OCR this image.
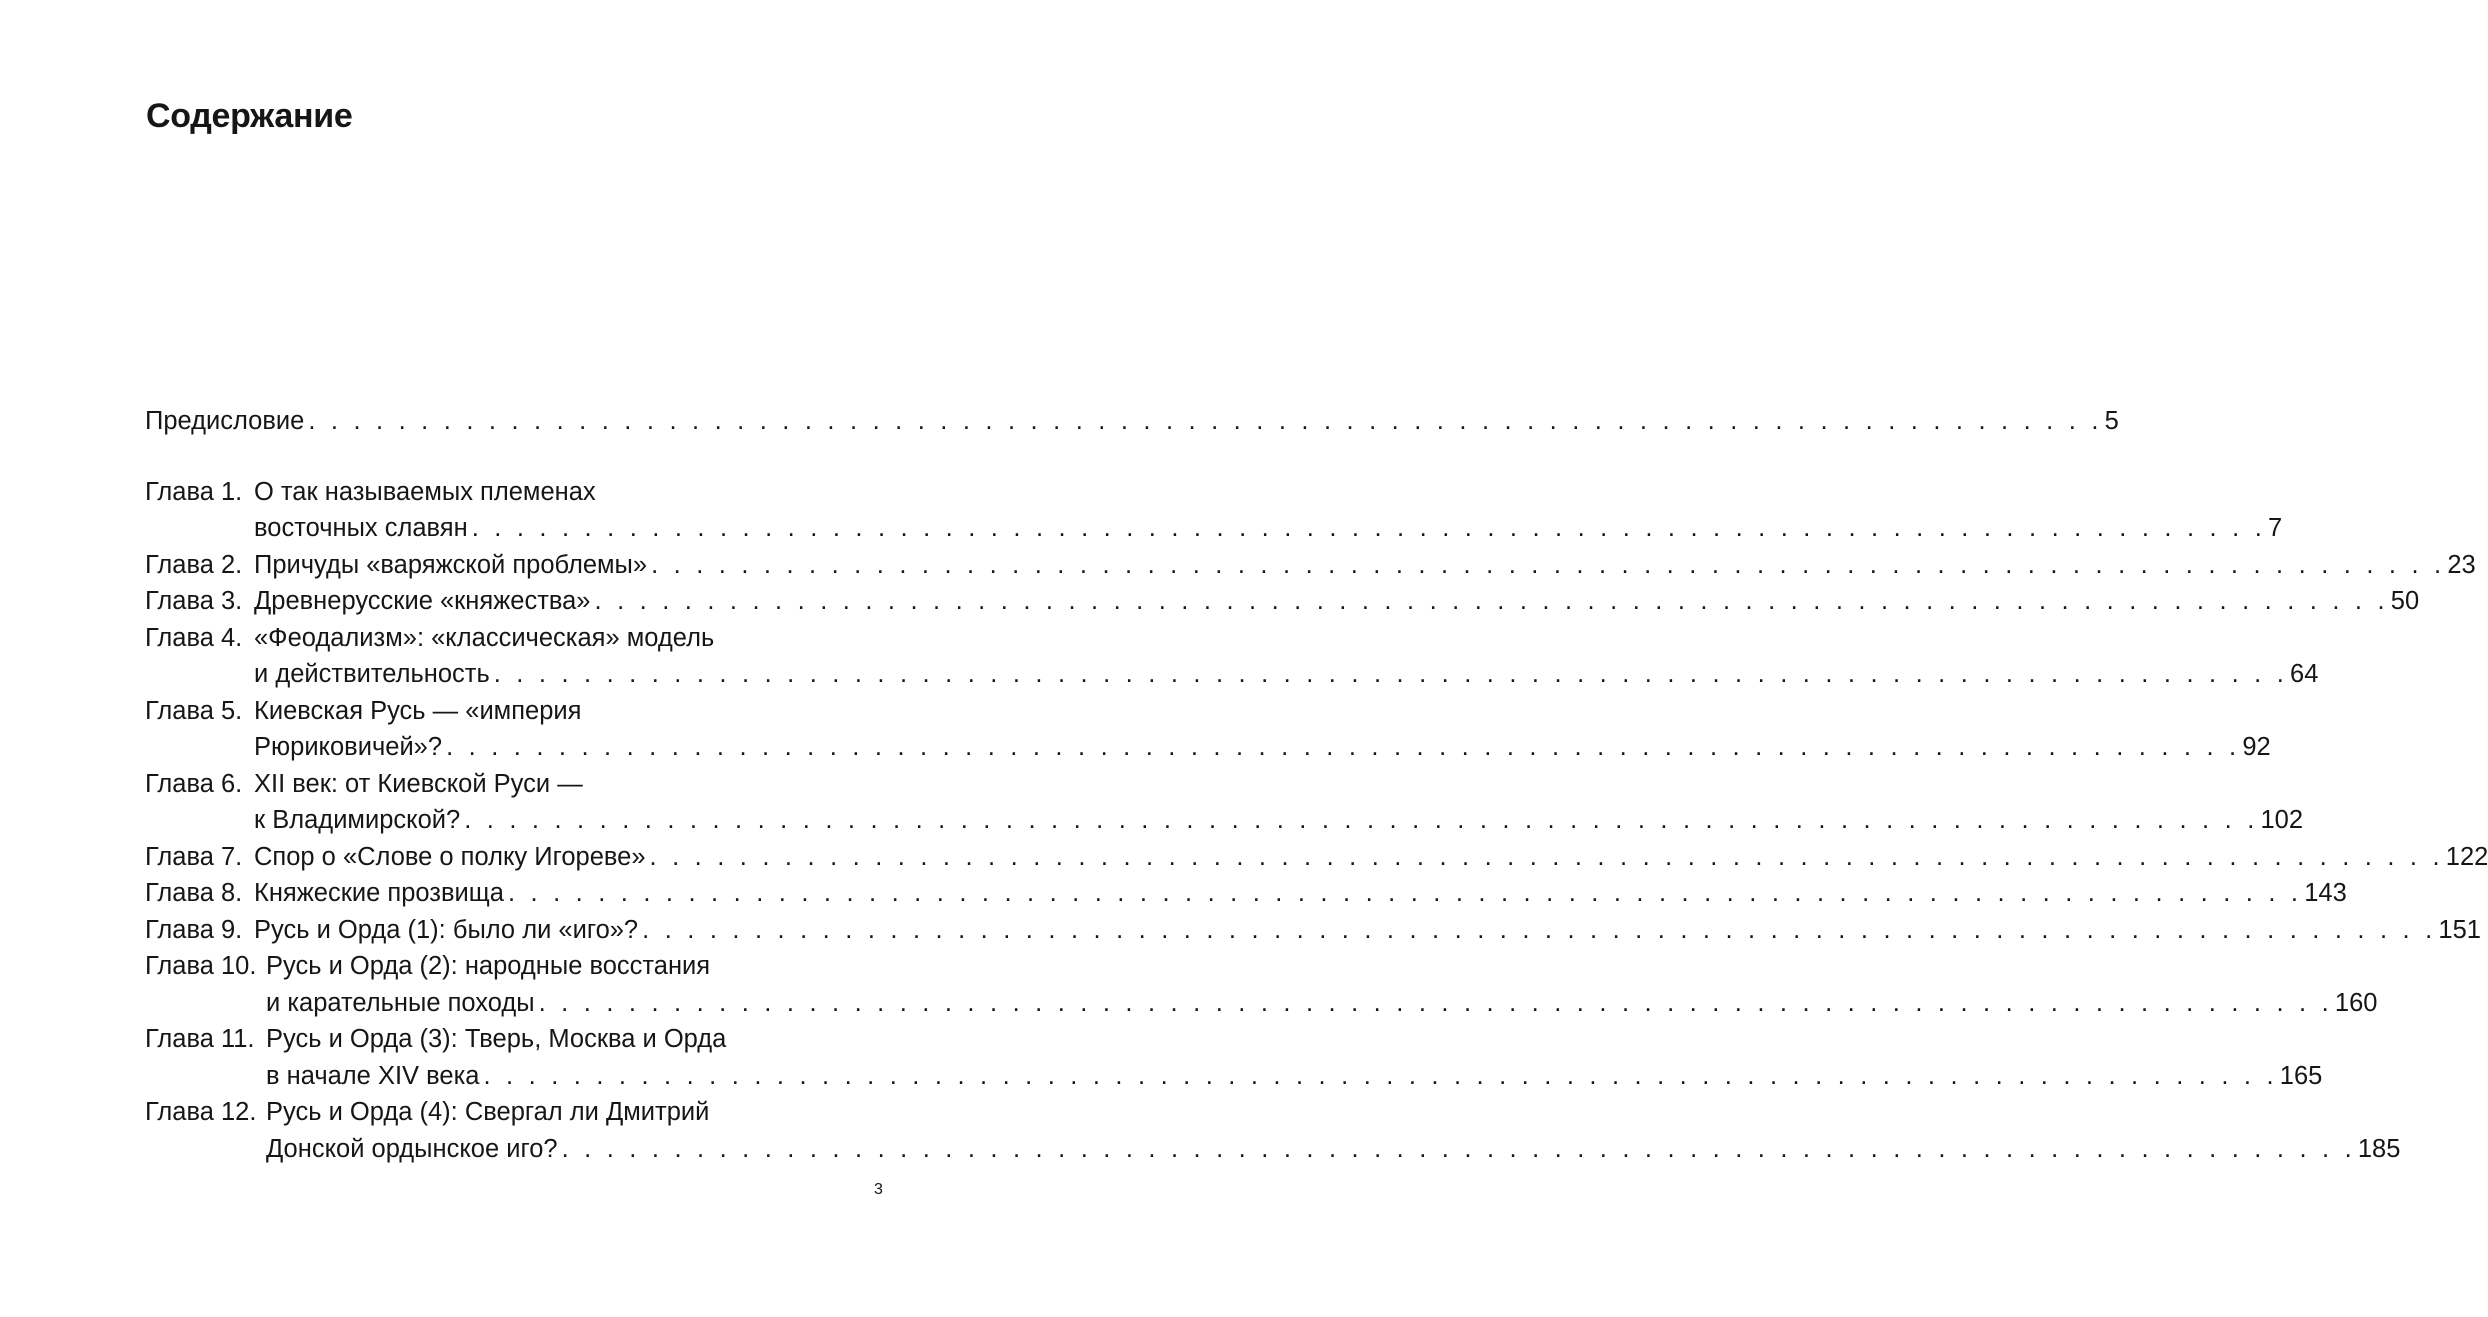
Содержание
Предисловие . . . . . . . . . . . . . . . . . . . . . . . . . . . . . . . . . . . . . . . . . . . . . . . . . . . . . . . . . . . . . . . . . . . . . . . . . . . . . . . . 5
Глава 1. О так называемых племенах
восточных славян . . . . . . . . . . . . . . . . . . . . . . . . . . . . . . . . . . . . . . . . . . . . . . . . . . . . . . . . . . . . . . . . . . . . . . . . . . . . . . . . 7
Глава 2. Причуды «варяжской проблемы» . . . . . . . . . . . . . . . . . . . . . . . . . . . . . . . . . . . . . . . . . . . . . . . . . . . . . . . . . . . . . . . . . . . . . . . . . . . . . . . . 23
Глава 3. Древнерусские «княжества» . . . . . . . . . . . . . . . . . . . . . . . . . . . . . . . . . . . . . . . . . . . . . . . . . . . . . . . . . . . . . . . . . . . . . . . . . . . . . . . . 50
Глава 4. «Феодализм»: «классическая» модель
и действительность . . . . . . . . . . . . . . . . . . . . . . . . . . . . . . . . . . . . . . . . . . . . . . . . . . . . . . . . . . . . . . . . . . . . . . . . . . . . . . . . 64
Глава 5. Киевская Русь — «империя
Рюриковичей»? . . . . . . . . . . . . . . . . . . . . . . . . . . . . . . . . . . . . . . . . . . . . . . . . . . . . . . . . . . . . . . . . . . . . . . . . . . . . . . . . 92
Глава 6. XII век: от Киевской Руси —
к Владимирской? . . . . . . . . . . . . . . . . . . . . . . . . . . . . . . . . . . . . . . . . . . . . . . . . . . . . . . . . . . . . . . . . . . . . . . . . . . . . . . . . 102
Глава 7. Спор о «Слове о полку Игореве» . . . . . . . . . . . . . . . . . . . . . . . . . . . . . . . . . . . . . . . . . . . . . . . . . . . . . . . . . . . . . . . . . . . . . . . . . . . . . . . . 122
Глава 8. Княжеские прозвища . . . . . . . . . . . . . . . . . . . . . . . . . . . . . . . . . . . . . . . . . . . . . . . . . . . . . . . . . . . . . . . . . . . . . . . . . . . . . . . . 143
Глава 9. Русь и Орда (1): было ли «иго»? . . . . . . . . . . . . . . . . . . . . . . . . . . . . . . . . . . . . . . . . . . . . . . . . . . . . . . . . . . . . . . . . . . . . . . . . . . . . . . . . 151
Глава 10. Русь и Орда (2): народные восстания
и карательные походы . . . . . . . . . . . . . . . . . . . . . . . . . . . . . . . . . . . . . . . . . . . . . . . . . . . . . . . . . . . . . . . . . . . . . . . . . . . . . . . . 160
Глава 11. Русь и Орда (3): Тверь, Москва и Орда
в начале XIV века . . . . . . . . . . . . . . . . . . . . . . . . . . . . . . . . . . . . . . . . . . . . . . . . . . . . . . . . . . . . . . . . . . . . . . . . . . . . . . . . 165
Глава 12. Русь и Орда (4): Свергал ли Дмитрий
Донской ордынское иго? . . . . . . . . . . . . . . . . . . . . . . . . . . . . . . . . . . . . . . . . . . . . . . . . . . . . . . . . . . . . . . . . . . . . . . . . . . . . . . . . 185
3
